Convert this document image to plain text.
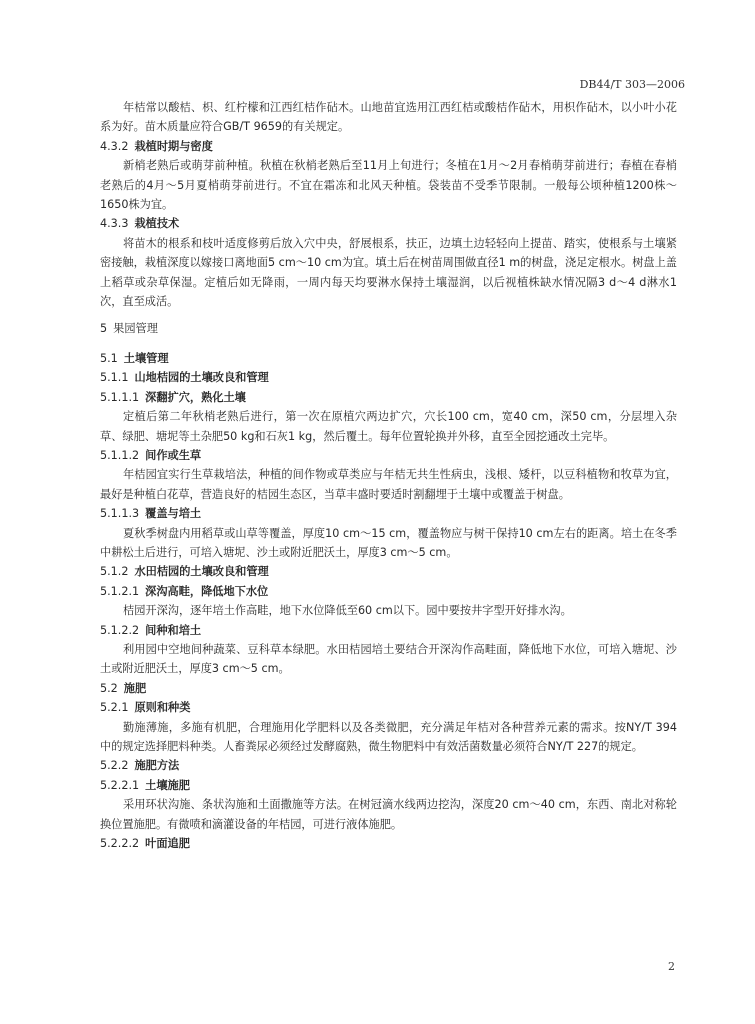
DB44/T 303—2006

年桔常以酸桔、枳、红柠檬和江西红桔作砧木。山地苗宜选用江西红桔或酸桔作砧木，用枳作砧木，以小叶小花系为好。苗木质量应符合GB/T 9659的有关规定。

4.3.2 栽植时期与密度

新梢老熟后或萌芽前种植。秋植在秋梢老熟后至11月上旬进行；冬植在1月～2月春梢萌芽前进行；春植在春梢老熟后的4月～5月夏梢萌芽前进行。不宜在霜冻和北风天种植。袋装苗不受季节限制。一般每公顷种植1200株～1650株为宜。

4.3.3 栽植技术

将苗木的根系和枝叶适度修剪后放入穴中央，舒展根系，扶正，边填土边轻轻向上提苗、踏实，使根系与土壤紧密接触，栽植深度以嫁接口离地面5 cm～10 cm为宜。填土后在树苗周围做直径1 m的树盘，浇足定根水。树盘上盖上稻草或杂草保湿。定植后如无降雨，一周内每天均要淋水保持土壤湿润，以后视植株缺水情况隔3 d～4 d淋水1次，直至成活。

5 果园管理
5.1 土壤管理
5.1.1 山地桔园的土壤改良和管理
5.1.1.1 深翻扩穴，熟化土壤

定植后第二年秋梢老熟后进行，第一次在原植穴两边扩穴，穴长100 cm，宽40 cm，深50 cm，分层埋入杂草、绿肥、塘坭等土杂肥50 kg和石灰1 kg，然后覆土。每年位置轮换并外移，直至全园挖通改土完毕。

5.1.1.2 间作或生草

年桔园宜实行生草栽培法，种植的间作物或草类应与年桔无共生性病虫，浅根、矮杆，以豆科植物和牧草为宜，最好是种植白花草，营造良好的桔园生态区，当草丰盛时要适时割翻埋于土壤中或覆盖于树盘。

5.1.1.3 覆盖与培土

夏秋季树盘内用稻草或山草等覆盖，厚度10 cm～15 cm，覆盖物应与树干保持10 cm左右的距离。培土在冬季中耕松土后进行，可培入塘坭、沙土或附近肥沃土，厚度3 cm～5 cm。

5.1.2 水田桔园的土壤改良和管理
5.1.2.1 深沟高畦，降低地下水位

桔园开深沟，逐年培土作高畦，地下水位降低至60 cm以下。园中要按井字型开好排水沟。

5.1.2.2 间种和培土

利用园中空地间种蔬菜、豆科草本绿肥。水田桔园培土要结合开深沟作高畦面，降低地下水位，可培入塘坭、沙土或附近肥沃土，厚度3 cm～5 cm。

5.2 施肥
5.2.1 原则和种类

勤施薄施，多施有机肥，合理施用化学肥料以及各类微肥，充分满足年桔对各种营养元素的需求。按NY/T 394中的规定选择肥料种类。人畜粪尿必须经过发酵腐熟，微生物肥料中有效活菌数量必须符合NY/T 227的规定。

5.2.2 施肥方法
5.2.2.1 土壤施肥

采用环状沟施、条状沟施和土面撒施等方法。在树冠滴水线两边挖沟，深度20 cm～40 cm，东西、南北对称轮换位置施肥。有微喷和滴灌设备的年桔园，可进行液体施肥。

5.2.2.2 叶面追肥
2
